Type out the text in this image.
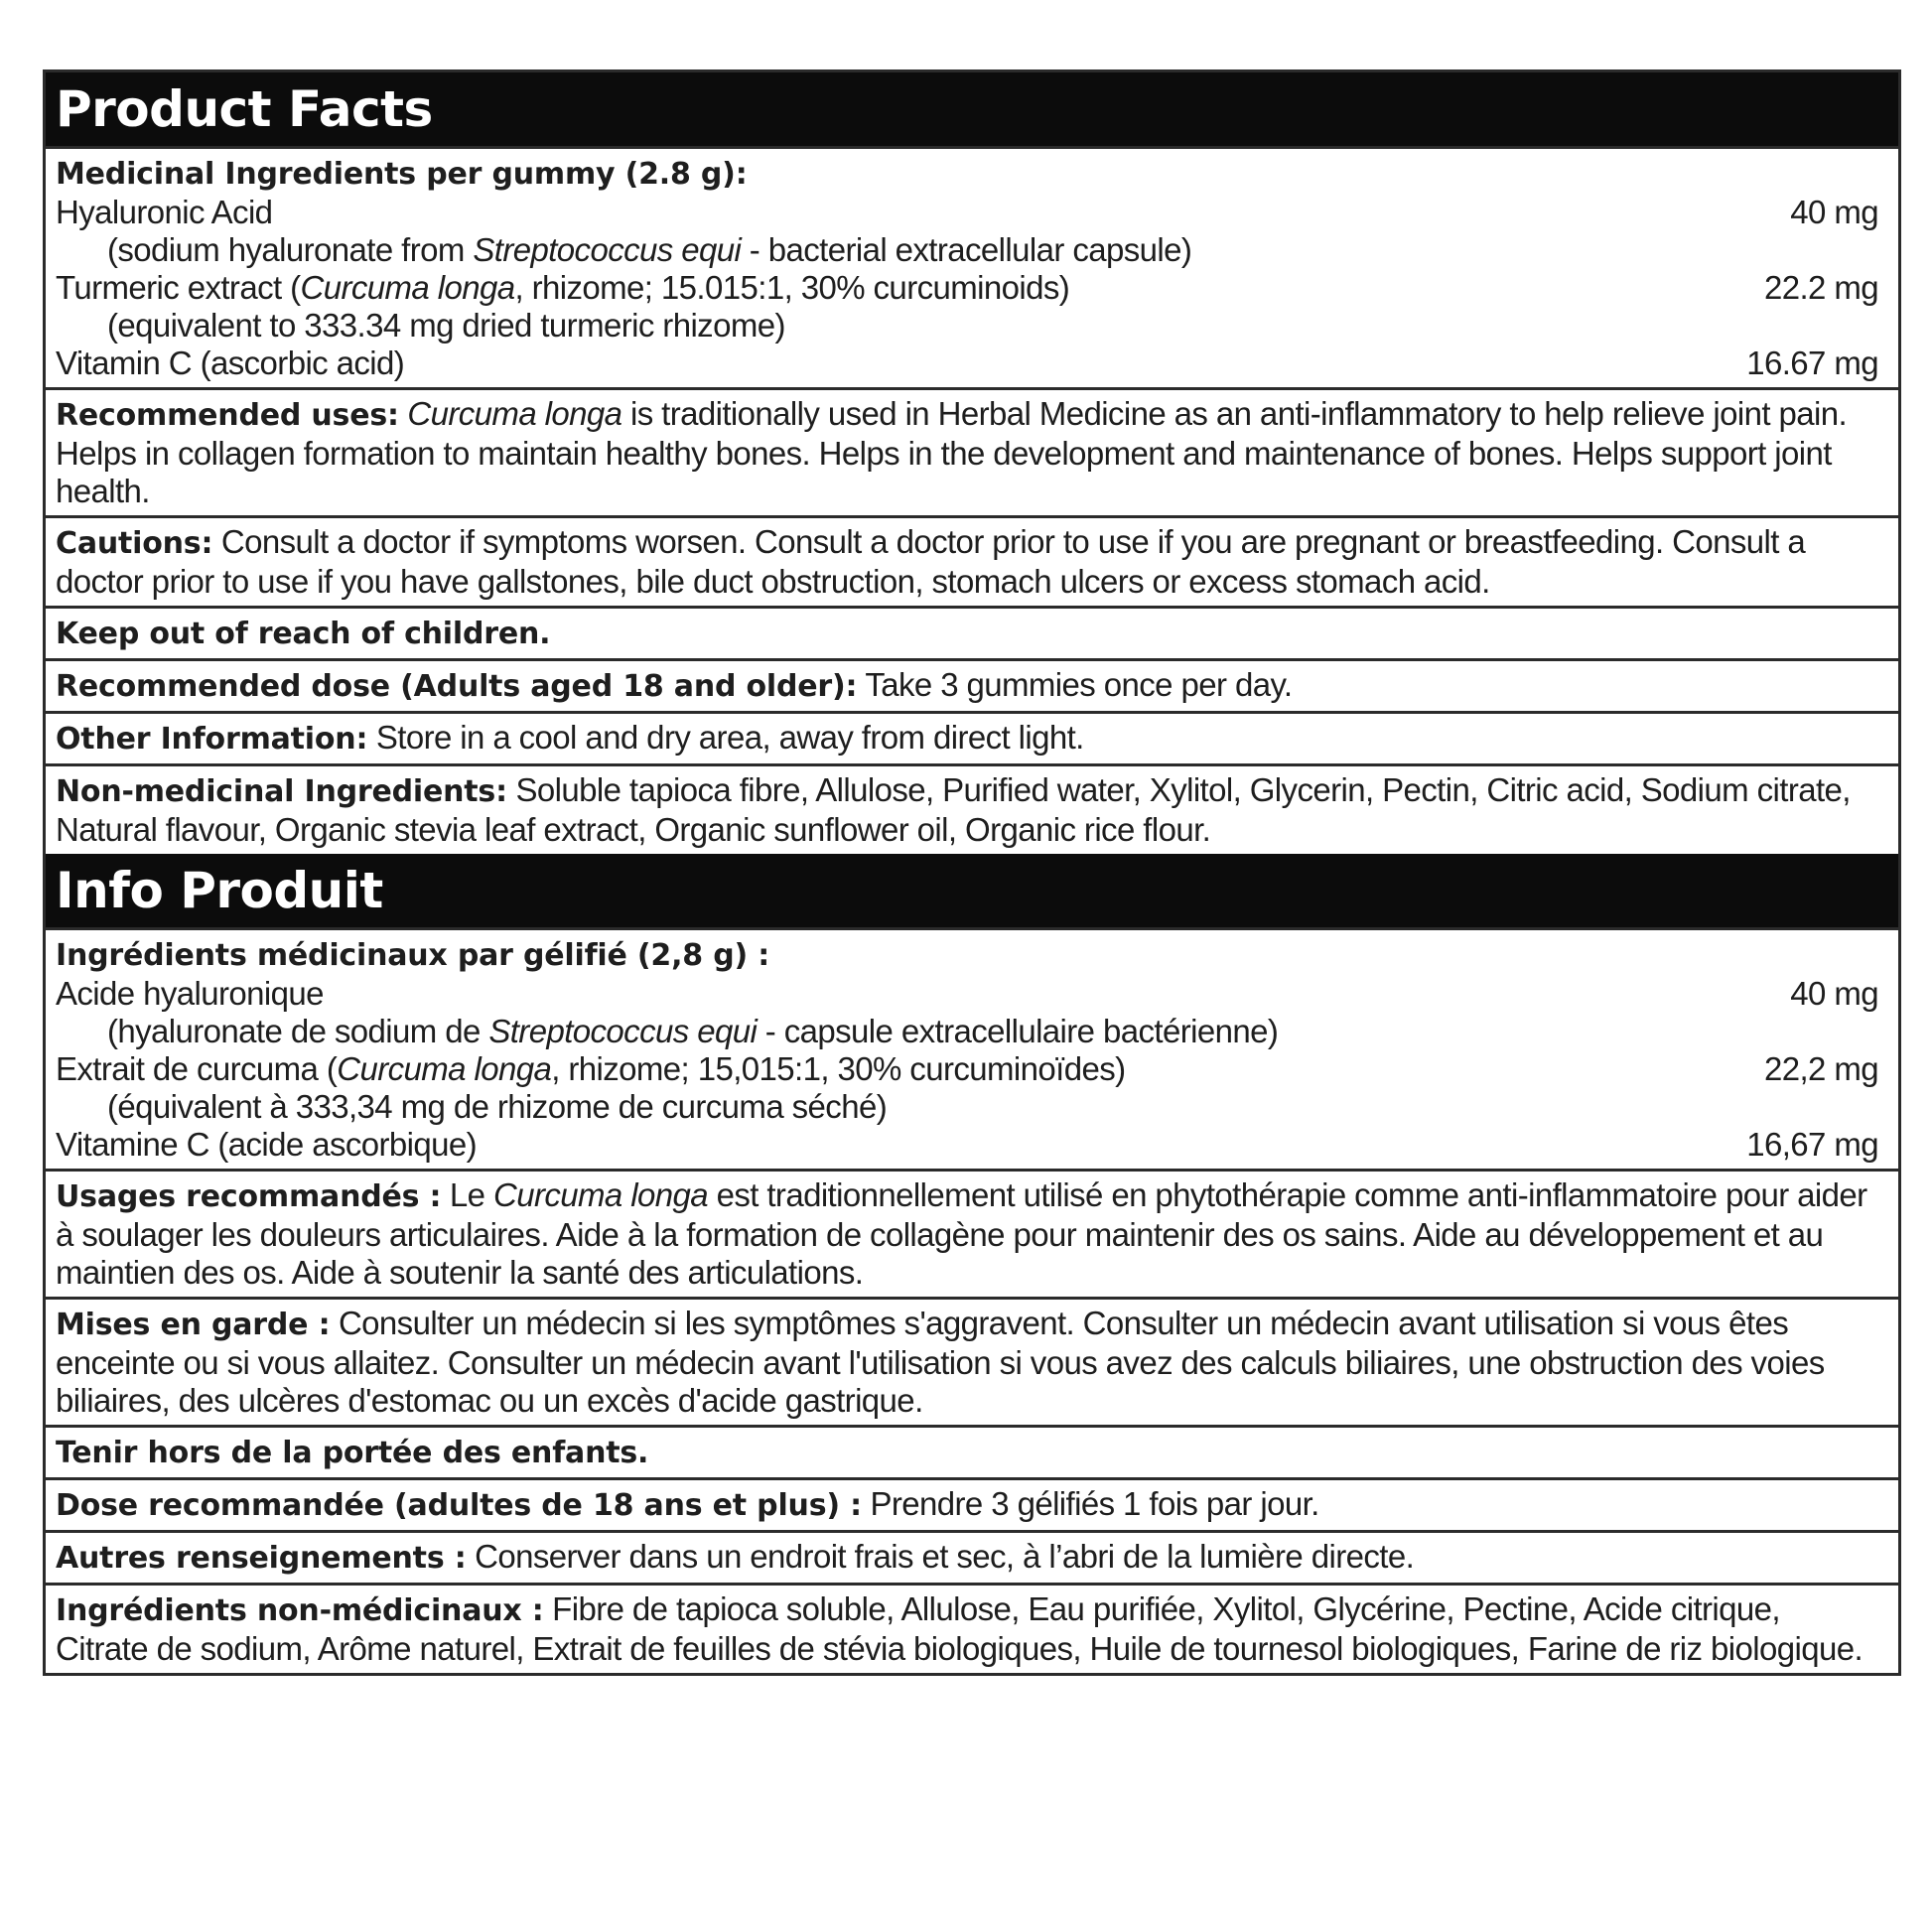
Product Facts
Medicinal Ingredients per gummy (2.8 g):
Hyaluronic Acid	40 mg
(sodium hyaluronate from Streptococcus equi - bacterial extracellular capsule)
Turmeric extract (Curcuma longa, rhizome; 15.015:1, 30% curcuminoids)	22.2 mg
(equivalent to 333.34 mg dried turmeric rhizome)
Vitamin C (ascorbic acid)	16.67 mg
Recommended uses: Curcuma longa is traditionally used in Herbal Medicine as an anti-inflammatory to help relieve joint pain. Helps in collagen formation to maintain healthy bones. Helps in the development and maintenance of bones. Helps support joint health.
Cautions: Consult a doctor if symptoms worsen. Consult a doctor prior to use if you are pregnant or breastfeeding. Consult a doctor prior to use if you have gallstones, bile duct obstruction, stomach ulcers or excess stomach acid.
Keep out of reach of children.
Recommended dose (Adults aged 18 and older): Take 3 gummies once per day.
Other Information: Store in a cool and dry area, away from direct light.
Non-medicinal Ingredients: Soluble tapioca fibre, Allulose, Purified water, Xylitol, Glycerin, Pectin, Citric acid, Sodium citrate, Natural flavour, Organic stevia leaf extract, Organic sunflower oil, Organic rice flour.
Info Produit
Ingrédients médicinaux par gélifié (2,8 g) :
Acide hyaluronique	40 mg
(hyaluronate de sodium de Streptococcus equi - capsule extracellulaire bactérienne)
Extrait de curcuma (Curcuma longa, rhizome; 15,015:1, 30% curcuminoïdes)	22,2 mg
(équivalent à 333,34 mg de rhizome de curcuma séché)
Vitamine C (acide ascorbique)	16,67 mg
Usages recommandés : Le Curcuma longa est traditionnellement utilisé en phytothérapie comme anti-inflammatoire pour aider à soulager les douleurs articulaires. Aide à la formation de collagène pour maintenir des os sains. Aide au développement et au maintien des os. Aide à soutenir la santé des articulations.
Mises en garde : Consulter un médecin si les symptômes s'aggravent. Consulter un médecin avant utilisation si vous êtes enceinte ou si vous allaitez. Consulter un médecin avant l'utilisation si vous avez des calculs biliaires, une obstruction des voies biliaires, des ulcères d'estomac ou un excès d'acide gastrique.
Tenir hors de la portée des enfants.
Dose recommandée (adultes de 18 ans et plus) : Prendre 3 gélifiés 1 fois par jour.
Autres renseignements : Conserver dans un endroit frais et sec, à l’abri de la lumière directe.
Ingrédients non-médicinaux : Fibre de tapioca soluble, Allulose, Eau purifiée, Xylitol, Glycérine, Pectine, Acide citrique, Citrate de sodium, Arôme naturel, Extrait de feuilles de stévia biologiques, Huile de tournesol biologiques, Farine de riz biologique.
